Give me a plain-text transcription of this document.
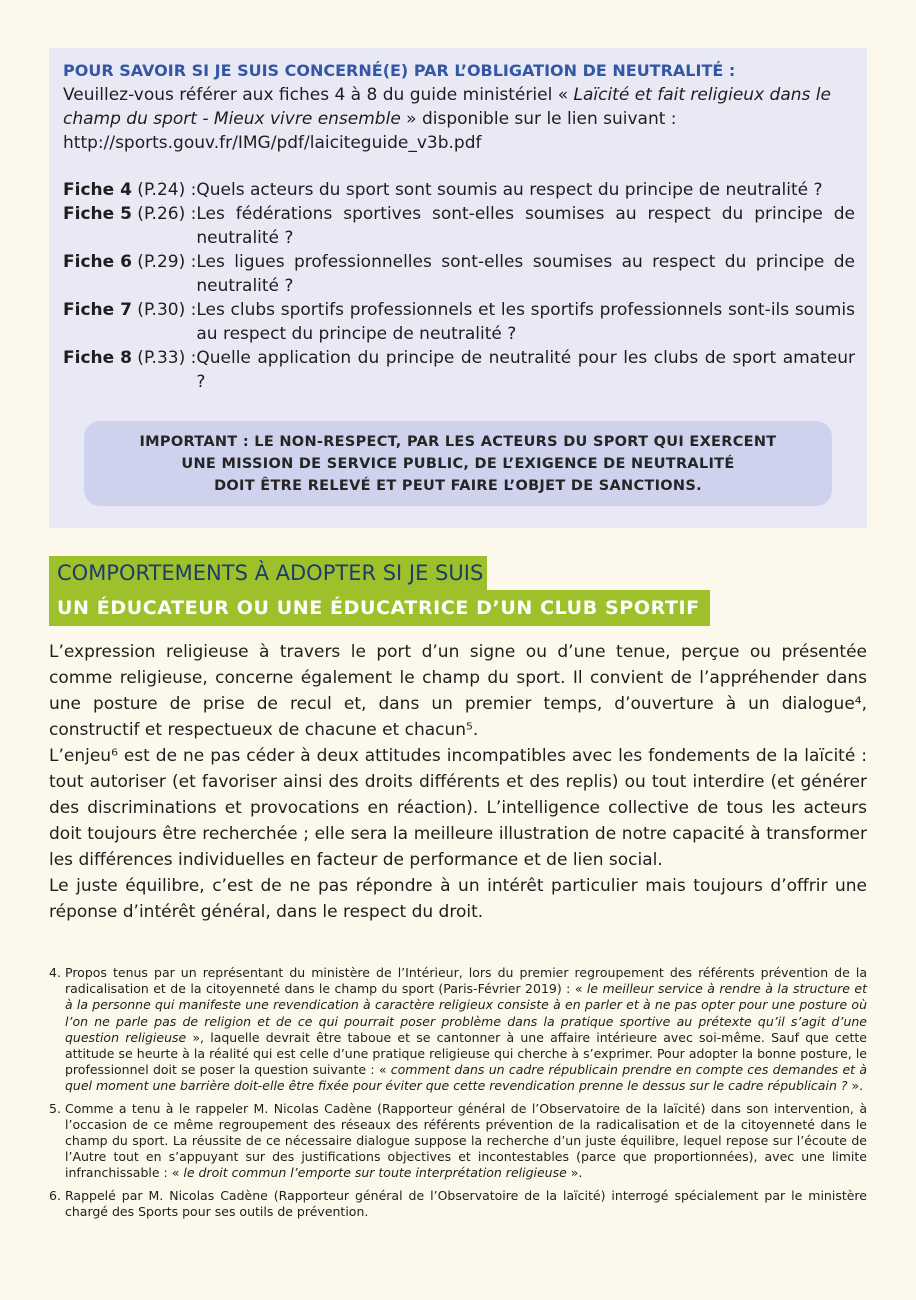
POUR SAVOIR SI JE SUIS CONCERNÉ(E) PAR L’OBLIGATION DE NEUTRALITÉ :
Veuillez-vous référer aux fiches 4 à 8 du guide ministériel « Laïcité et fait religieux dans le champ du sport - Mieux vivre ensemble » disponible sur le lien suivant :
http://sports.gouv.fr/IMG/pdf/laiciteguide_v3b.pdf
Fiche 4 (P.24) : Quels acteurs du sport sont soumis au respect du principe de neutralité ?
Fiche 5 (P.26) : Les fédérations sportives sont-elles soumises au respect du principe de neutralité ?
Fiche 6 (P.29) : Les ligues professionnelles sont-elles soumises au respect du principe de neutralité ?
Fiche 7 (P.30) : Les clubs sportifs professionnels et les sportifs professionnels sont-ils soumis au respect du principe de neutralité ?
Fiche 8 (P.33) : Quelle application du principe de neutralité pour les clubs de sport amateur ?
IMPORTANT : LE NON-RESPECT, PAR LES ACTEURS DU SPORT QUI EXERCENT
UNE MISSION DE SERVICE PUBLIC, DE L’EXIGENCE DE NEUTRALITÉ
DOIT ÊTRE RELEVÉ ET PEUT FAIRE L’OBJET DE SANCTIONS.
COMPORTEMENTS À ADOPTER SI JE SUIS
UN ÉDUCATEUR OU UNE ÉDUCATRICE D’UN CLUB SPORTIF

L’expression religieuse à travers le port d’un signe ou d’une tenue, perçue ou présentée comme religieuse, concerne également le champ du sport. Il convient de l’appréhender dans une posture de prise de recul et, dans un premier temps, d’ouverture à un dialogue⁴, constructif et respectueux de chacune et chacun⁵.

L’enjeu⁶ est de ne pas céder à deux attitudes incompatibles avec les fondements de la laïcité : tout autoriser (et favoriser ainsi des droits différents et des replis) ou tout interdire (et générer des discriminations et provocations en réaction). L’intelligence collective de tous les acteurs doit toujours être recherchée ; elle sera la meilleure illustration de notre capacité à transformer les différences individuelles en facteur de performance et de lien social.

Le juste équilibre, c’est de ne pas répondre à un intérêt particulier mais toujours d’offrir une réponse d’intérêt général, dans le respect du droit.

4. Propos tenus par un représentant du ministère de l’Intérieur, lors du premier regroupement des référents prévention de la radicalisation et de la citoyenneté dans le champ du sport (Paris-Février 2019) : « le meilleur service à rendre à la structure et à la personne qui manifeste une revendication à caractère religieux consiste à en parler et à ne pas opter pour une posture où l’on ne parle pas de religion et de ce qui pourrait poser problème dans la pratique sportive au prétexte qu’il s’agit d’une question religieuse », laquelle devrait être taboue et se cantonner à une affaire intérieure avec soi-même. Sauf que cette attitude se heurte à la réalité qui est celle d’une pratique religieuse qui cherche à s’exprimer. Pour adopter la bonne posture, le professionnel doit se poser la question suivante : « comment dans un cadre républicain prendre en compte ces demandes et à quel moment une barrière doit-elle être fixée pour éviter que cette revendication prenne le dessus sur le cadre républicain ? ».
5. Comme a tenu à le rappeler M. Nicolas Cadène (Rapporteur général de l’Observatoire de la laïcité) dans son intervention, à l’occasion de ce même regroupement des réseaux des référents prévention de la radicalisation et de la citoyenneté dans le champ du sport. La réussite de ce nécessaire dialogue suppose la recherche d’un juste équilibre, lequel repose sur l’écoute de l’Autre tout en s’appuyant sur des justifications objectives et incontestables (parce que proportionnées), avec une limite infranchissable : « le droit commun l’emporte sur toute interprétation religieuse ».
6. Rappelé par M. Nicolas Cadène (Rapporteur général de l’Observatoire de la laïcité) interrogé spécialement par le ministère chargé des Sports pour ses outils de prévention.
